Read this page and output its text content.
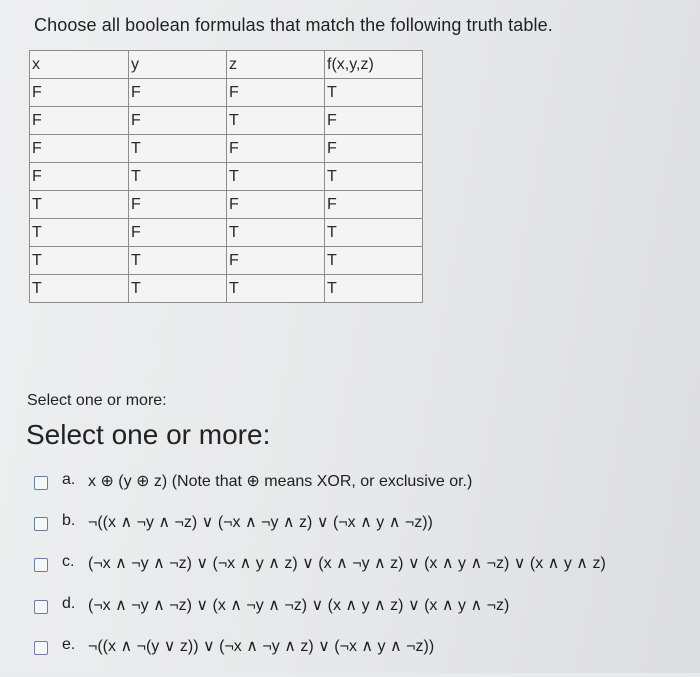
Choose all boolean formulas that match the following truth table.
x	y	z	f(x,y,z)
F	F	F	T
F	F	T	F
F	T	F	F
F	T	T	T
T	F	F	F
T	F	T	T
T	T	F	T
T	T	T	T
Select one or more:
Select one or more:
a. x ⊕ (y ⊕ z) (Note that ⊕ means XOR, or exclusive or.)
b. ¬((x ∧ ¬y ∧ ¬z) ∨ (¬x ∧ ¬y ∧ z) ∨ (¬x ∧ y ∧ ¬z))
c. (¬x ∧ ¬y ∧ ¬z) ∨ (¬x ∧ y ∧ z) ∨ (x ∧ ¬y ∧ z) ∨ (x ∧ y ∧ ¬z) ∨ (x ∧ y ∧ z)
d. (¬x ∧ ¬y ∧ ¬z) ∨ (x ∧ ¬y ∧ ¬z) ∨ (x ∧ y ∧ z) ∨ (x ∧ y ∧ ¬z)
e. ¬((x ∧ ¬(y ∨ z)) ∨ (¬x ∧ ¬y ∧ z) ∨ (¬x ∧ y ∧ ¬z))
